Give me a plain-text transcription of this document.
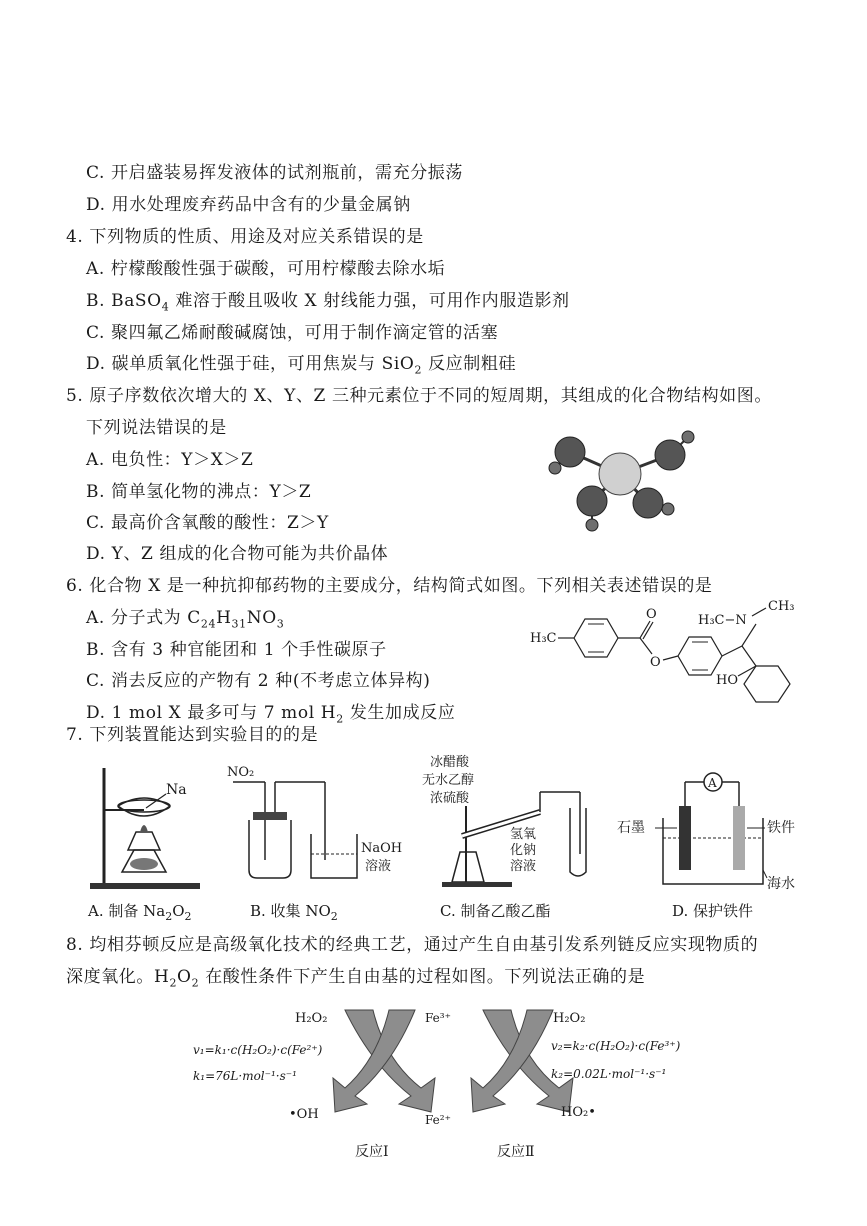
C. 开启盛装易挥发液体的试剂瓶前，需充分振荡
D. 用水处理废弃药品中含有的少量金属钠
4. 下列物质的性质、用途及对应关系错误的是
A. 柠檬酸酸性强于碳酸，可用柠檬酸去除水垢
B. BaSO$_4$ 难溶于酸且吸收 X 射线能力强，可用作内服造影剂
C. 聚四氟乙烯耐酸碱腐蚀，可用于制作滴定管的活塞
D. 碳单质氧化性强于硅，可用焦炭与 SiO$_2$ 反应制粗硅
5. 原子序数依次增大的 X、Y、Z 三种元素位于不同的短周期，其组成的化合物结构如图。
下列说法错误的是
A. 电负性：Y＞X＞Z
B. 简单氢化物的沸点：Y＞Z
C. 最高价含氧酸的酸性：Z＞Y
D. Y、Z 组成的化合物可能为共价晶体
6. 化合物 X 是一种抗抑郁药物的主要成分，结构简式如图。下列相关表述错误的是
A. 分子式为 $C_{24}H_{31}NO_3$
B. 含有 3 种官能团和 1 个手性碳原子
C. 消去反应的产物有 2 种(不考虑立体异构)
D. 1 mol X 最多可与 7 mol $H_2$ 发生加成反应
H₃C
O
O
H₃C−N
CH₃
HO
7. 下列装置能达到实验目的的是
Na
A. 制备 $Na_2O_2$
NO₂
NaOH
溶液
B. 收集 $NO_2$
冰醋酸
无水乙醇
浓硫酸
氢氧
化钠
溶液
C. 制备乙酸乙酯
A
石墨	铁件
海水
D. 保护铁件
8. 均相芬顿反应是高级氧化技术的经典工艺，通过产生自由基引发系列链反应实现物质的
深度氧化。$H_2O_2$ 在酸性条件下产生自由基的过程如图。下列说法正确的是
H₂O₂
v₁=k₁·c(H₂O₂)·c(Fe²⁺)
k₁=76L·mol⁻¹·s⁻¹
•OH
Fe³⁺
Fe²⁺
反应Ⅰ
H₂O₂
v₂=k₂·c(H₂O₂)·c(Fe³⁺)
k₂=0.02L·mol⁻¹·s⁻¹
HO₂•
反应Ⅱ
